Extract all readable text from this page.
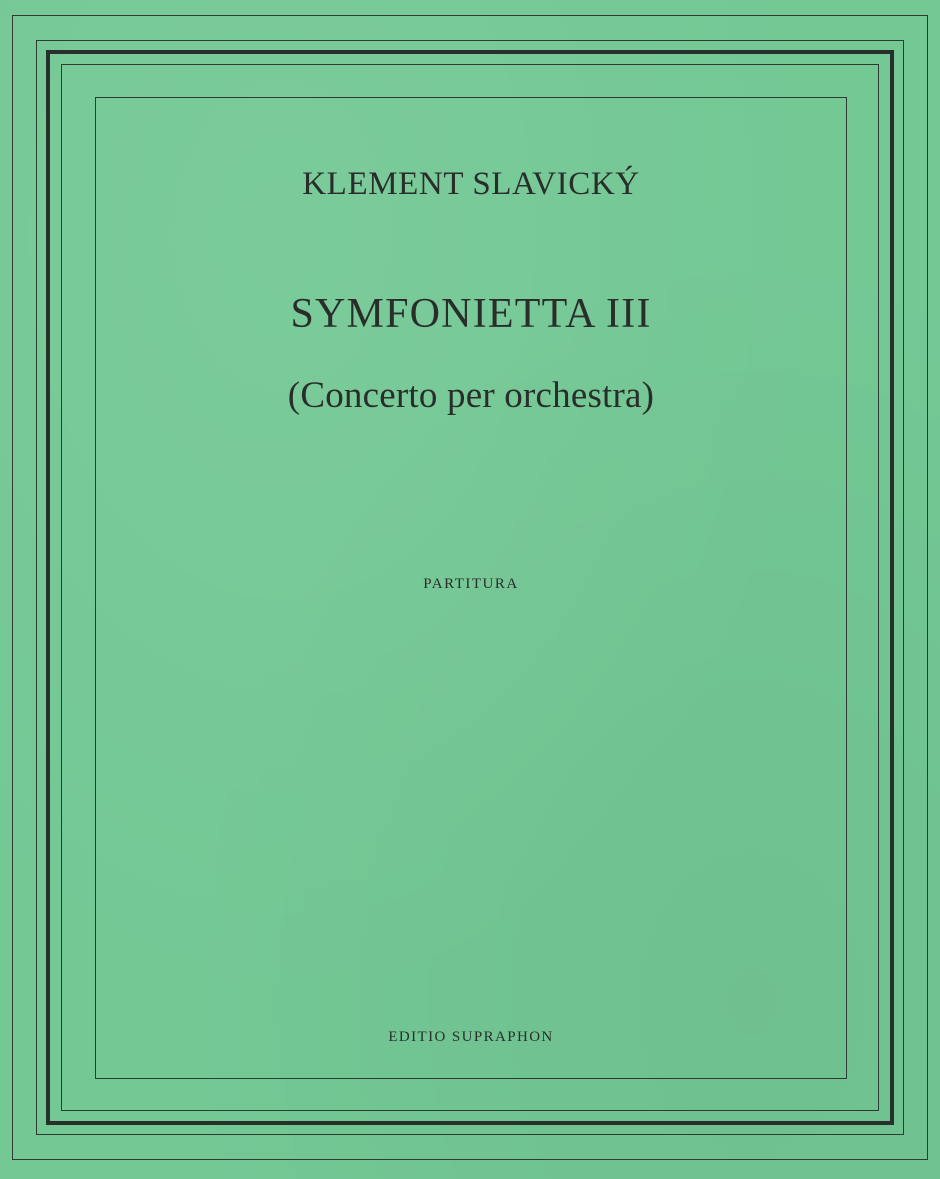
KLEMENT SLAVICKÝ
SYMFONIETTA III
(Concerto per orchestra)
PARTITURA
EDITIO SUPRAPHON
